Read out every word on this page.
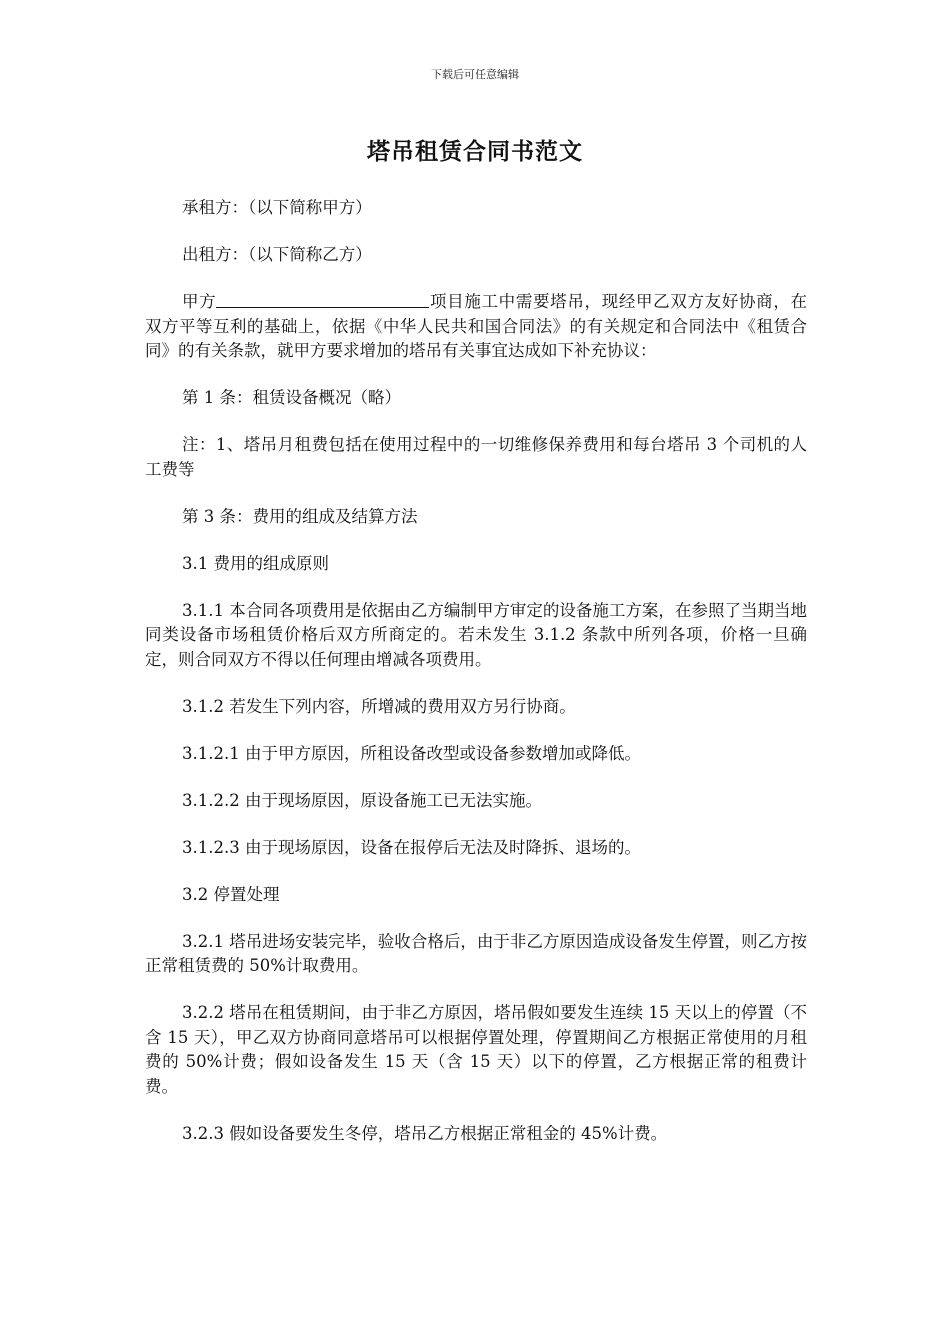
下载后可任意编辑
塔吊租赁合同书范文

承租方：（以下简称甲方）

出租方：（以下简称乙方）

甲方	项目施工中需要塔吊，现经甲乙双方友好协商，在双方平等互利的基础上，依据《中华人民共和国合同法》的有关规定和合同法中《租赁合同》的有关条款，就甲方要求增加的塔吊有关事宜达成如下补充协议：

第 1 条：租赁设备概况（略）

注：1、塔吊月租费包括在使用过程中的一切维修保养费用和每台塔吊 3 个司机的人工费等

第 3 条：费用的组成及结算方法

3.1 费用的组成原则

3.1.1 本合同各项费用是依据由乙方编制甲方审定的设备施工方案，在参照了当期当地同类设备市场租赁价格后双方所商定的。若未发生 3.1.2 条款中所列各项，价格一旦确定，则合同双方不得以任何理由增减各项费用。

3.1.2 若发生下列内容，所增减的费用双方另行协商。

3.1.2.1 由于甲方原因，所租设备改型或设备参数增加或降低。

3.1.2.2 由于现场原因，原设备施工已无法实施。

3.1.2.3 由于现场原因，设备在报停后无法及时降拆、退场的。

3.2 停置处理

3.2.1 塔吊进场安装完毕，验收合格后，由于非乙方原因造成设备发生停置，则乙方按正常租赁费的 50%计取费用。

3.2.2 塔吊在租赁期间，由于非乙方原因，塔吊假如要发生连续 15 天以上的停置（不含 15 天），甲乙双方协商同意塔吊可以根据停置处理，停置期间乙方根据正常使用的月租费的 50%计费；假如设备发生 15 天（含 15 天）以下的停置，乙方根据正常的租费计费。

3.2.3 假如设备要发生冬停，塔吊乙方根据正常租金的 45%计费。
